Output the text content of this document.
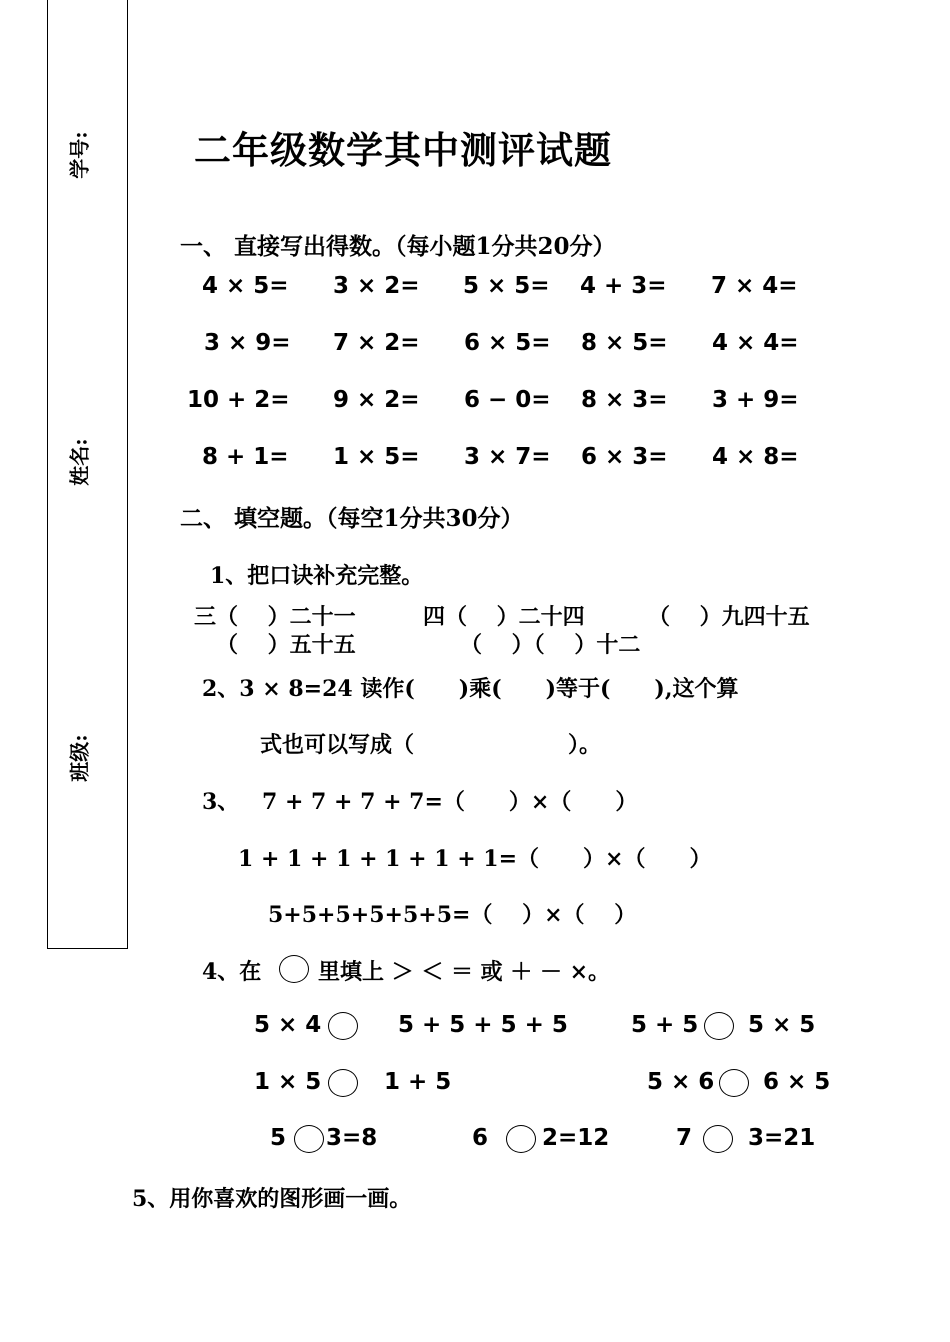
学号:
姓名:
班级:
二年级数学其中测评试题
一、 直接写出得数。（每小题1分共20分）
4 × 5= 3 × 2= 5 × 5= 4 + 3= 7 × 4=
3 × 9= 7 × 2= 6 × 5= 8 × 5= 4 × 4=
10 + 2= 9 × 2= 6 − 0= 8 × 3= 3 + 9=
8 + 1= 1 × 5= 3 × 7= 6 × 3= 4 × 8=
二、 填空题。（每空1分共30分）
1、把口诀补充完整。
三（　 ）二十一	四（　 ）二十四	（　 ）九四十五
（　 ）五十五	（　 ）（　 ）十二
2、3 × 8=24 读作(　　)乘(　　)等于(　　),这个算
式也可以写成（　　　　　　　）。
3、 7 + 7 + 7 + 7=（　　）×（　　）
1 + 1 + 1 + 1 + 1 + 1=（　　）×（　　）
5+5+5+5+5+5=（　 ）×（　 ）
4、在	里填上 ＞ ＜ ＝ 或 ＋ － ×。
5 × 4	5 + 5 + 5 + 5	5 + 5 5 × 5
1 × 5	1 + 5	5 × 6 6 × 5
5 3=8	6 2=12	7 3=21
5、用你喜欢的图形画一画。
